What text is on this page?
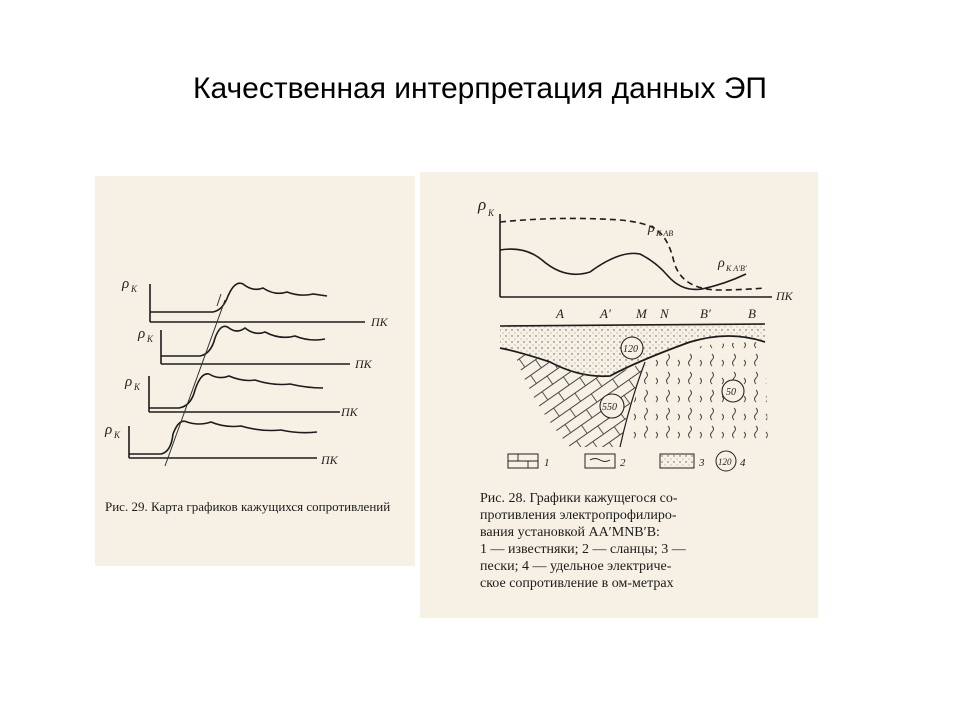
Качественная интерпретация данных ЭП
ρ К
ПК
ρ К
ПК
ρ К
ПК
ρ К
ПК
Рис. 29. Карта графиков кажущихся сопротивлений
ρ К
ρ К АВ
ρ К А′В′
ПК
A	A′ M N B′	B
120
550
50
1	2	3 120 4
Рис. 28. Графики кажущегося со-
противления электропрофилиро-
вания установкой AA′MNB′B:
1 — известняки; 2 — сланцы; 3 —
пески; 4 — удельное электриче-
ское сопротивление в ом-метрах
